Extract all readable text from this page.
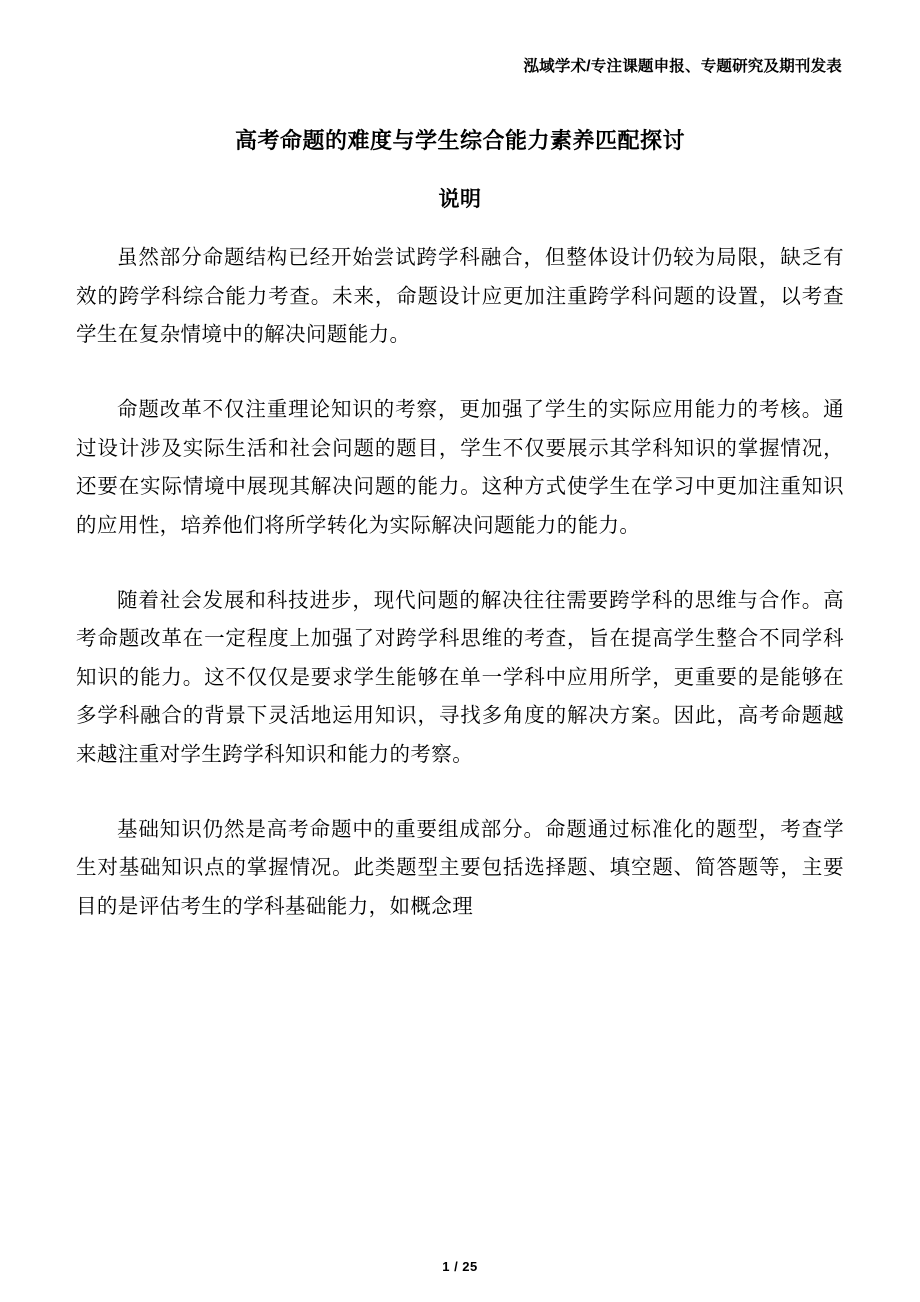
泓域学术/专注课题申报、专题研究及期刊发表
高考命题的难度与学生综合能力素养匹配探讨
说明

虽然部分命题结构已经开始尝试跨学科融合，但整体设计仍较为局限，缺乏有效的跨学科综合能力考查。未来，命题设计应更加注重跨学科问题的设置，以考查学生在复杂情境中的解决问题能力。

命题改革不仅注重理论知识的考察，更加强了学生的实际应用能力的考核。通过设计涉及实际生活和社会问题的题目，学生不仅要展示其学科知识的掌握情况，还要在实际情境中展现其解决问题的能力。这种方式使学生在学习中更加注重知识的应用性，培养他们将所学转化为实际解决问题能力的能力。

随着社会发展和科技进步，现代问题的解决往往需要跨学科的思维与合作。高考命题改革在一定程度上加强了对跨学科思维的考查，旨在提高学生整合不同学科知识的能力。这不仅仅是要求学生能够在单一学科中应用所学，更重要的是能够在多学科融合的背景下灵活地运用知识，寻找多角度的解决方案。因此，高考命题越来越注重对学生跨学科知识和能力的考察。

基础知识仍然是高考命题中的重要组成部分。命题通过标准化的题型，考查学生对基础知识点的掌握情况。此类题型主要包括选择题、填空题、简答题等，主要目的是评估考生的学科基础能力，如概念理

1 / 25
